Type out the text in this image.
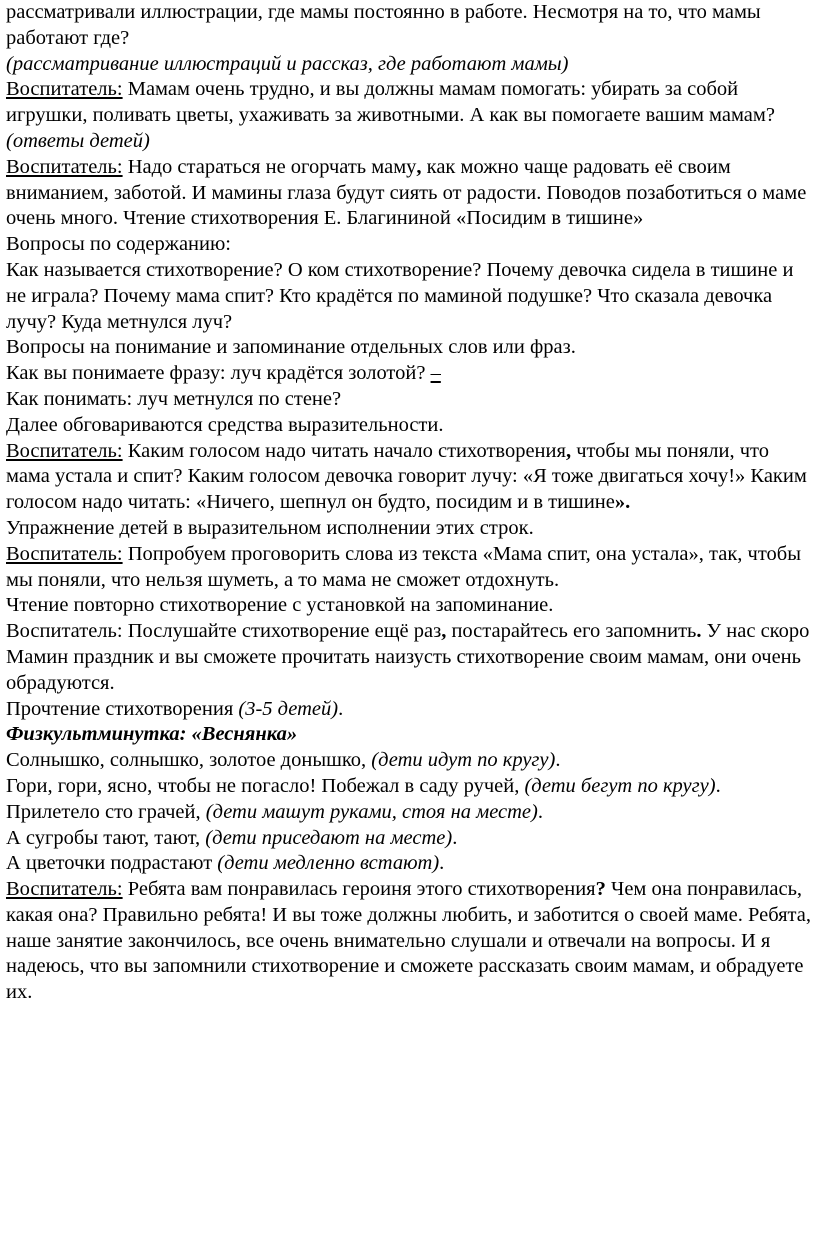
рассматривали иллюстрации, где мамы постоянно в работе. Несмотря на то, что мамы работают где?

(рассматривание иллюстраций и рассказ, где работают мамы)

Воспитатель: Мамам очень трудно, и вы должны мамам помогать: убирать за собой игрушки, поливать цветы, ухаживать за животными. А как вы помогаете вашим мамам? (ответы детей)

Воспитатель: Надо стараться не огорчать маму, как можно чаще радовать её своим вниманием, заботой. И мамины глаза будут сиять от радости. Поводов позаботиться о маме очень много. Чтение стихотворения Е. Благининой «Посидим в тишине»

Вопросы по содержанию:

Как называется стихотворение? О ком стихотворение? Почему девочка сидела в тишине и не играла? Почему мама спит? Кто крадётся по маминой подушке? Что сказала девочка лучу? Куда метнулся луч?

Вопросы на понимание и запоминание отдельных слов или фраз.

Как вы понимаете фразу: луч крадётся золотой? –

Как понимать: луч метнулся по стене?

Далее обговариваются средства выразительности.

Воспитатель: Каким голосом надо читать начало стихотворения, чтобы мы поняли, что мама устала и спит? Каким голосом девочка говорит лучу: «Я тоже двигаться хочу!» Каким голосом надо читать: «Ничего, шепнул он будто, посидим и в тишине».

Упражнение детей в выразительном исполнении этих строк.

Воспитатель: Попробуем проговорить слова из текста «Мама спит, она устала», так, чтобы мы поняли, что нельзя шуметь, а то мама не сможет отдохнуть.

Чтение повторно стихотворение с установкой на запоминание.

Воспитатель: Послушайте стихотворение ещё раз, постарайтесь его запомнить. У нас скоро Мамин праздник и вы сможете прочитать наизусть стихотворение своим мамам, они очень обрадуются.

Прочтение стихотворения (3-5 детей).

Физкультминутка: «Веснянка»

Солнышко, солнышко, золотое донышко, (дети идут по кругу).

Гори, гори, ясно, чтобы не погасло! Побежал в саду ручей, (дети бегут по кругу).

Прилетело сто грачей, (дети машут руками, стоя на месте).

А сугробы тают, тают, (дети приседают на месте).

А цветочки подрастают (дети медленно встают).

Воспитатель: Ребята вам понравилась героиня этого стихотворения? Чем она понравилась, какая она? Правильно ребята! И вы тоже должны любить, и заботится о своей маме. Ребята, наше занятие закончилось, все очень внимательно слушали и отвечали на вопросы. И я надеюсь, что вы запомнили стихотворение и сможете рассказать своим мамам, и обрадуете их.
